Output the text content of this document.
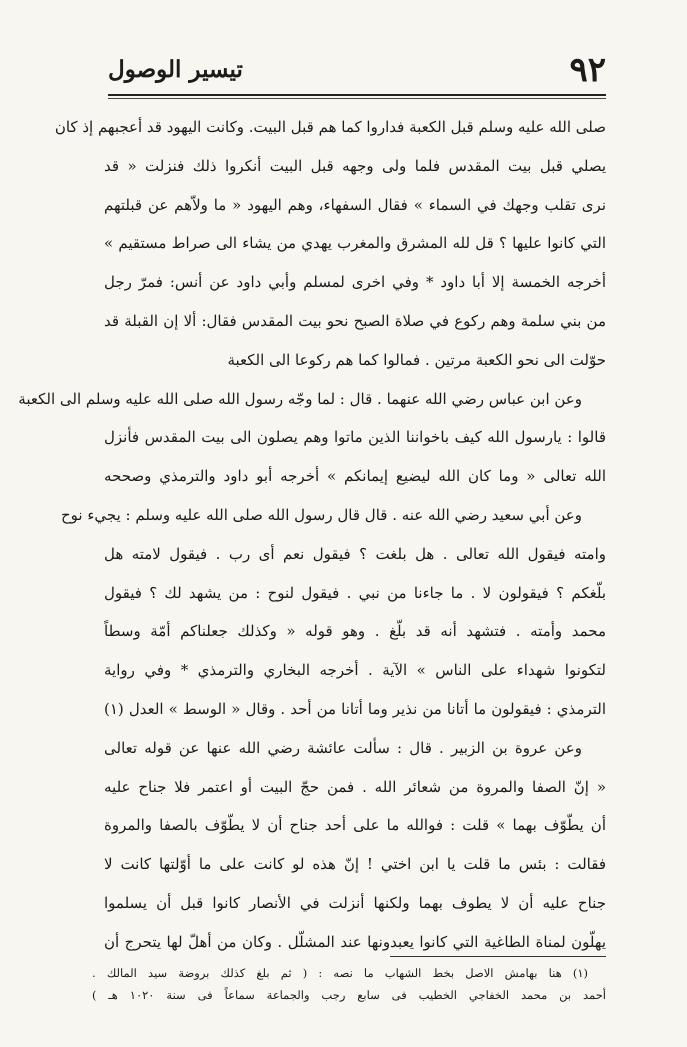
٩٢
تيسير الوصول
صلى الله عليه وسلم قبل الكعبة فداروا كما هم قبل البيت. وكانت اليهود قد أعجبهم إذ كان
يصلي قبل بيت المقدس فلما ولى وجهه قبل البيت أنكروا ذلك فنزلت « قد
نرى تقلب وجهك في السماء » فقال السفهاء، وهم اليهود « ما ولاّهم عن قبلتهم
التي كانوا عليها ؟ قل لله المشرق والمغرب يهدي من يشاء الى صراط مستقيم »
أخرجه الخمسة إلا أبا داود * وفي اخرى لمسلم وأبي داود عن أنس: فمرّ رجل
من بني سلمة وهم ركوع في صلاة الصبح نحو بيت المقدس فقال: ألا إن القبلة قد
حوّلت الى نحو الكعبة مرتين . فمالوا كما هم ركوعا الى الكعبة
وعن ابن عباس رضي الله عنهما . قال : لما وجّه رسول الله صلى الله عليه وسلم الى الكعبة
قالوا : يارسول الله كيف باخواننا الذين ماتوا وهم يصلون الى بيت المقدس فأنزل
الله تعالى « وما كان الله ليضيع إيمانكم » أخرجه أبو داود والترمذي وصححه
وعن أبي سعيد رضي الله عنه . قال قال رسول الله صلى الله عليه وسلم : يجيء نوح
وامته فيقول الله تعالى . هل بلغت ؟ فيقول نعم أى رب . فيقول لامته هل
بلّغكم ؟ فيقولون لا . ما جاءنا من نبي . فيقول لنوح : من يشهد لك ؟ فيقول
محمد وأمته . فتشهد أنه قد بلّغ . وهو قوله « وكذلك جعلناكم أمّة وسطاً
لتكونوا شهداء على الناس » الآية . أخرجه البخاري والترمذي * وفي رواية
الترمذي : فيقولون ما أتانا من نذير وما أتانا من أحد . وقال « الوسط » العدل (١)
وعن عروة بن الزبير . قال : سألت عائشة رضي الله عنها عن قوله تعالى
« إنّ الصفا والمروة من شعائر الله . فمن حجّ البيت أو اعتمر فلا جناح عليه
أن يطّوّف بهما » قلت : فوالله ما على أحد جناح أن لا يطّوّف بالصفا والمروة
فقالت : بئس ما قلت يا ابن اختي ! إنّ هذه لو كانت على ما أوّلتها كانت لا
جناح عليه أن لا يطوف بهما ولكنها أنزلت في الأنصار كانوا قبل أن يسلموا
يهلّون لمناة الطاغية التي كانوا يعبدونها عند المشلّل . وكان من أهلّ لها يتحرج أن
(١) هنا بهامش الاصل بخط الشهاب ما نصه : ( ثم بلغ كذلك بروضة سيد المالك .
أحمد بن محمد الخفاجي الخطيب فى سابع رجب والجماعة سماعاً فى سنة ١٠٢٠ هـ )
